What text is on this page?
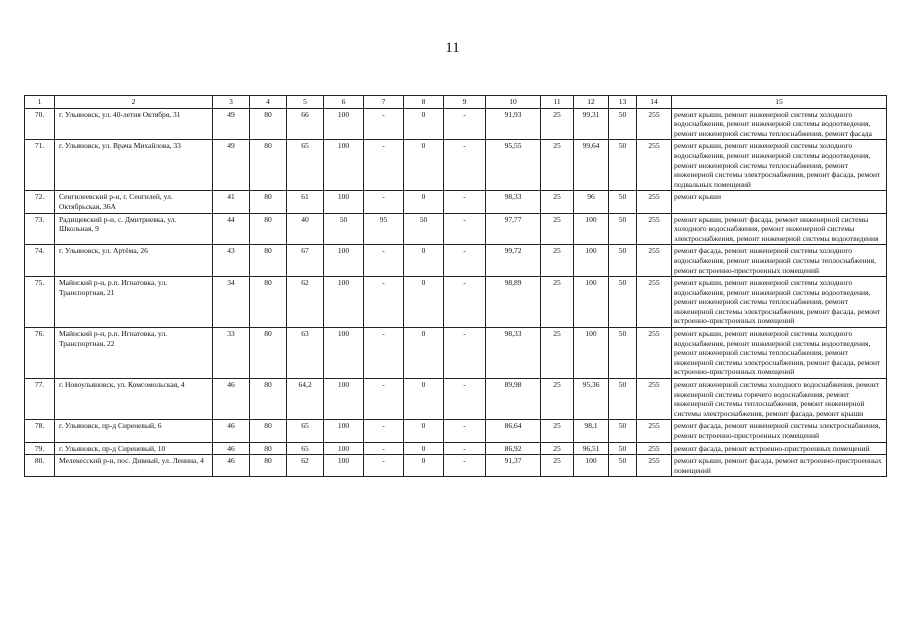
11
1	2	3	4	5	6	7	8	9	10	11	12	13	14	15
70.	г. Ульяновск, ул. 40-летия Октября, 31	49	80	66	100	-	0	-	91,93	25	99,31	50	255	ремонт крыши, ремонт инженерной системы холодного водоснабжения, ремонт инженерной системы водоотведения, ремонт инженерной системы теплоснабжения, ремонт фасада
71.	г. Ульяновск, ул. Врача Михайлова, 33	49	80	65	100	-	0	-	95,55	25	99,64	50	255	ремонт крыши, ремонт инженерной системы холодного водоснабжения, ремонт инженерной системы водоотведения, ремонт инженерной системы теплоснабжения, ремонт инженерной системы электроснабжения, ремонт фасада, ремонт подвальных помещений
72.	Сенгилеевский р-н, г. Сенгилей, ул. Октябрьская, 36А	41	80	61	100	-	0	-	98,33	25	96	50	255	ремонт крыши
73.	Радищевский р-н, с. Дмитриевка, ул. Школьная, 9	44	80	40	50	95	50	-	97,77	25	100	50	255	ремонт крыши, ремонт фасада, ремонт инженерной системы холодного водоснабжения, ремонт инженерной системы электроснабжения, ремонт инженерной системы водоотведения
74.	г. Ульяновск, ул. Артёма, 26	43	80	67	100	-	0	-	99,72	25	100	50	255	ремонт фасада, ремонт инженерной системы холодного водоснабжения, ремонт инженерной системы теплоснабжения, ремонт встроенно-пристроенных помещений
75.	Майнский р-н, р.п. Игнатовка, ул. Транспортная, 21	34	80	62	100	-	0	-	98,89	25	100	50	255	ремонт крыши, ремонт инженерной системы холодного водоснабжения, ремонт инженерной системы водоотведения, ремонт инженерной системы теплоснабжения, ремонт инженерной системы электроснабжения, ремонт фасада, ремонт встроенно-пристроенных помещений
76.	Майнский р-н, р.п. Игнатовка, ул. Транспортная, 22	33	80	63	100	-	0	-	98,33	25	100	50	255	ремонт крыши, ремонт инженерной системы холодного водоснабжения, ремонт инженерной системы водоотведения, ремонт инженерной системы теплоснабжения, ремонт инженерной системы электроснабжения, ремонт фасада, ремонт встроенно-пристроенных помещений
77.	г. Новоульяновск, ул. Комсомольская, 4	46	80	64,2	100	-	0	-	89,98	25	95,36	50	255	ремонт инженерной системы холодного водоснабжения, ремонт инженерной системы горячего водоснабжения, ремонт инженерной системы теплоснабжения, ремонт инженерной системы электроснабжения, ремонт фасада, ремонт крыши
78.	г. Ульяновск, пр-д Сиреневый, 6	46	80	65	100	-	0	-	86,64	25	98,1	50	255	ремонт фасада, ремонт инженерной системы электроснабжения, ремонт встроенно-пристроенных помещений
79.	г. Ульяновск, пр-д Сиреневый, 10	46	80	65	100	-	0	-	86,92	25	96,51	50	255	ремонт фасада, ремонт встроенно-пристроенных помещений
80.	Мелекесский р-н, пос. Дивный, ул. Ленина, 4	46	80	62	100	-	0	-	91,37	25	100	50	255	ремонт крыши, ремонт фасада, ремонт встроенно-пристроенных помещений
